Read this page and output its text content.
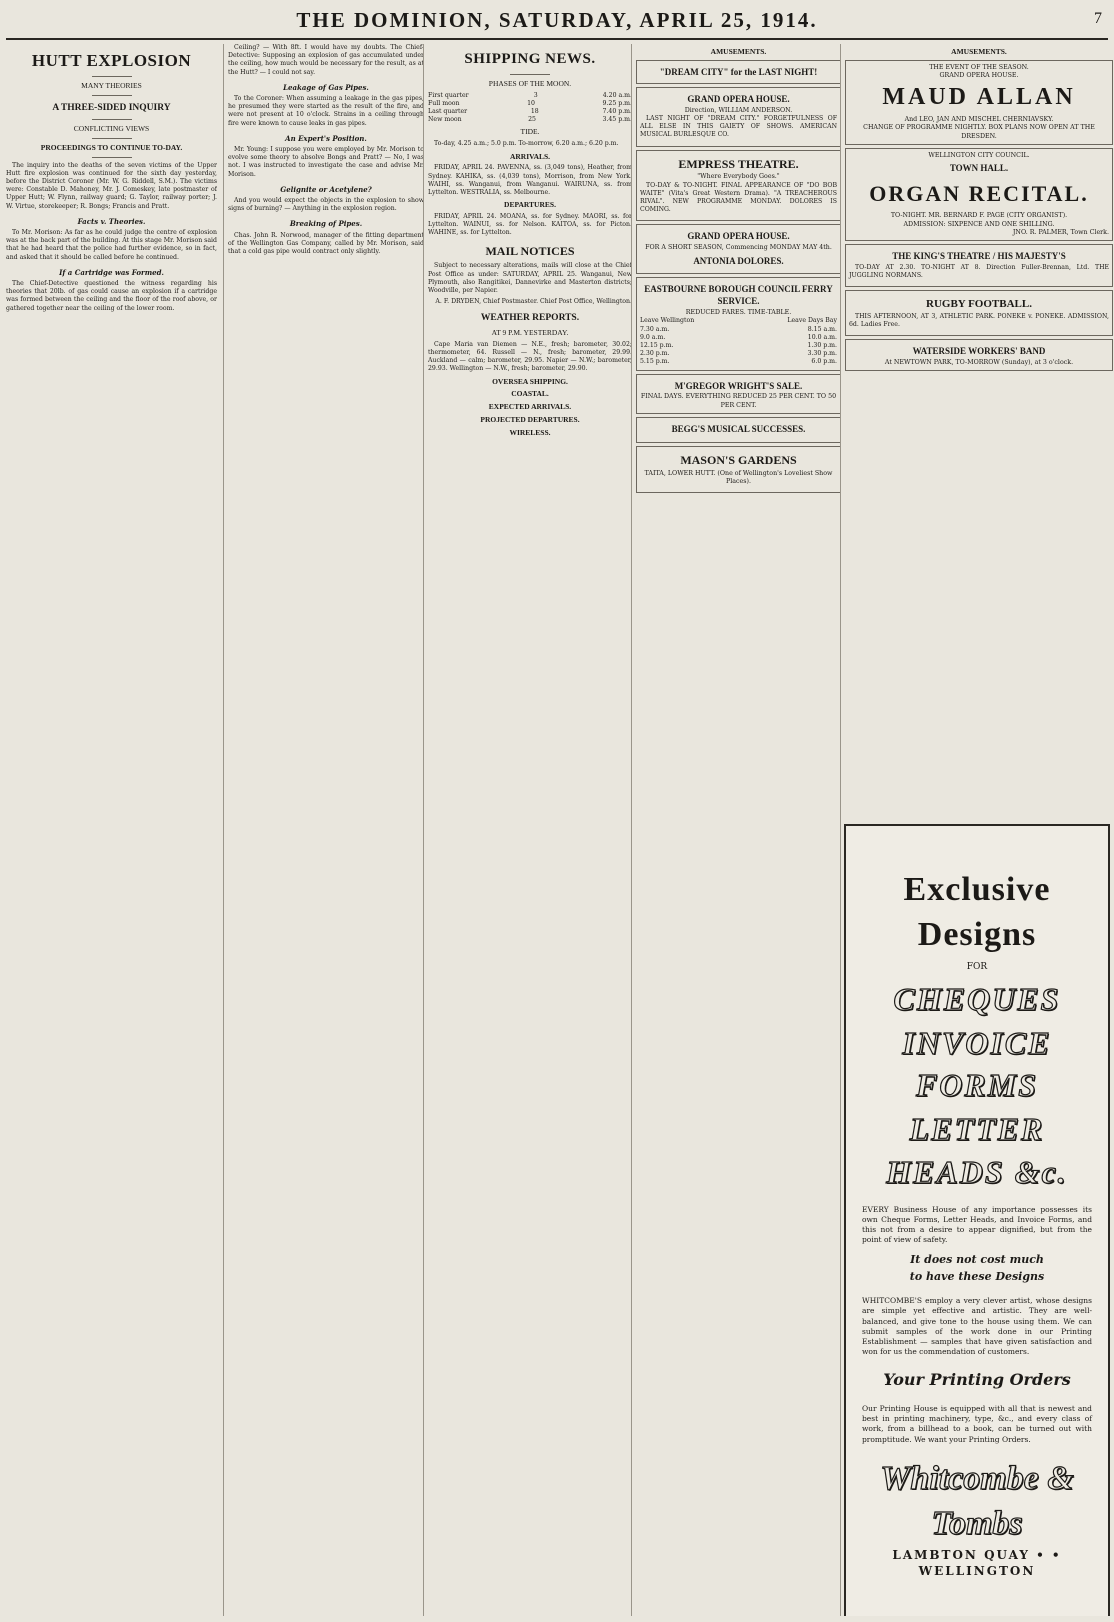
THE DOMINION, SATURDAY, APRIL 25, 1914.	7
HUTT EXPLOSION
MANY THEORIES
A THREE-SIDED INQUIRY
CONFLICTING VIEWS
PROCEEDINGS TO CONTINUE TO-DAY.

The inquiry into the deaths of the seven victims of the Upper Hutt fire explosion was continued for the sixth day yesterday, before the District Coroner (Mr. W. G. Riddell, S.M.). The victims were: Constable D. Mahoney, Mr. J. Comeskey, late postmaster of Upper Hutt; W. Flynn, railway guard; G. Taylor, railway porter; J. W. Virtue, storekeeper; R. Bongs; Francis and Pratt.

Facts v. Theories.

To Mr. Morison: As far as he could judge the centre of explosion was at the back part of the building. At this stage Mr. Morison said that he had heard that the police had further evidence, so in fact, and asked that it should be called before he continued.

If a Cartridge was Formed.

The Chief-Detective questioned the witness regarding his theories that 20lb. of gas could cause an explosion if a cartridge was formed between the ceiling and the floor of the roof above, or gathered together near the ceiling of the lower room.

Ceiling? — With 8ft. I would have my doubts. The Chief-Detective: Supposing an explosion of gas accumulated under the ceiling, how much would be necessary for the result, as at the Hutt? — I could not say.

Leakage of Gas Pipes.

To the Coroner: When assuming a leakage in the gas pipes, he presumed they were started as the result of the fire, and were not present at 10 o'clock. Strains in a ceiling through fire were known to cause leaks in gas pipes.

An Expert's Position.

Mr. Young: I suppose you were employed by Mr. Morison to evolve some theory to absolve Bongs and Pratt? — No, I was not. I was instructed to investigate the case and advise Mr. Morison.

Gelignite or Acetylene?

And you would expect the objects in the explosion to show signs of burning? — Anything in the explosion region.

Breaking of Pipes.

Chas. John R. Norwood, manager of the fitting department of the Wellington Gas Company, called by Mr. Morison, said that a cold gas pipe would contract only slightly.

SHIPPING NEWS.
PHASES OF THE MOON.
First quarter	3	4.20 a.m.
Full moon	10	9.25 p.m.
Last quarter	18	7.40 p.m.
New moon	25	3.45 p.m.
TIDE.

To-day, 4.25 a.m.; 5.0 p.m. To-morrow, 6.20 a.m.; 6.20 p.m.

ARRIVALS.

FRIDAY, APRIL 24. PAVENNA, ss. (3,049 tons), Heather, from Sydney. KAHIKA, ss. (4,039 tons), Morrison, from New York. WAIHI, ss. Wanganui, from Wanganui. WAIRUNA, ss. from Lyttelton. WESTRALIA, ss. Melbourne.

DEPARTURES.

FRIDAY, APRIL 24. MOANA, ss. for Sydney. MAORI, ss. for Lyttelton. WAINUI, ss. for Nelson. KAITOA, ss. for Picton. WAHINE, ss. for Lyttelton.

MAIL NOTICES

Subject to necessary alterations, mails will close at the Chief Post Office as under: SATURDAY, APRIL 25. Wanganui, New Plymouth, also Rangitikei, Dannevirke and Masterton districts; Woodville, per Napier.

A. F. DRYDEN, Chief Postmaster. Chief Post Office, Wellington.

WEATHER REPORTS.
AT 9 P.M. YESTERDAY.

Cape Maria van Diemen — N.E., fresh; barometer, 30.02; thermometer, 64. Russell — N., fresh; barometer, 29.99. Auckland — calm; barometer, 29.95. Napier — N.W.; barometer, 29.93. Wellington — N.W., fresh; barometer, 29.90.

OVERSEA SHIPPING.
COASTAL.
EXPECTED ARRIVALS.
PROJECTED DEPARTURES.
WIRELESS.

AMUSEMENTS.
"DREAM CITY" for the LAST NIGHT!
GRAND OPERA HOUSE.
Direction, WILLIAM ANDERSON.

LAST NIGHT OF "DREAM CITY." FORGETFULNESS OF ALL ELSE IN THIS GAIETY OF SHOWS. AMERICAN MUSICAL BURLESQUE CO.

EMPRESS THEATRE.
"Where Everybody Goes."

TO-DAY & TO-NIGHT. FINAL APPEARANCE OF "DO BOB WAITE" (Vita's Great Western Drama). "A TREACHEROUS RIVAL". NEW PROGRAMME MONDAY. DOLORES IS COMING.

GRAND OPERA HOUSE.
FOR A SHORT SEASON, Commencing MONDAY MAY 4th.
ANTONIA DOLORES.

EASTBOURNE BOROUGH COUNCIL FERRY SERVICE.
REDUCED FARES. TIME-TABLE.
Leave Wellington	Leave Days Bay
7.30 a.m.	8.15 a.m.
9.0 a.m.	10.0 a.m.
12.15 p.m.	1.30 p.m.
2.30 p.m.	3.30 p.m.
5.15 p.m.	6.0 p.m.
M'GREGOR WRIGHT'S SALE.
FINAL DAYS. EVERYTHING REDUCED 25 PER CENT. TO 50 PER CENT.
BEGG'S MUSICAL SUCCESSES.

MASON'S GARDENS
TAITA, LOWER HUTT. (One of Wellington's Loveliest Show Places).

AMUSEMENTS.
THE EVENT OF THE SEASON.
GRAND OPERA HOUSE.
MAUD ALLAN
And LEO, JAN AND MISCHEL CHERNIAVSKY.
CHANGE OF PROGRAMME NIGHTLY. BOX PLANS NOW OPEN AT THE DRESDEN.
WELLINGTON CITY COUNCIL.
TOWN HALL.
ORGAN RECITAL.
TO-NIGHT. MR. BERNARD F. PAGE (CITY ORGANIST).
ADMISSION: SIXPENCE AND ONE SHILLING.
JNO. R. PALMER, Town Clerk.
THE KING'S THEATRE / HIS MAJESTY'S

TO-DAY AT 2.30. TO-NIGHT AT 8. Direction Fuller-Brennan, Ltd. THE JUGGLING NORMANS.

RUGBY FOOTBALL.

THIS AFTERNOON, AT 3, ATHLETIC PARK. PONEKE v. PONEKE. ADMISSION, 6d. Ladies Free.

WATERSIDE WORKERS' BAND
At NEWTOWN PARK, TO-MORROW (Sunday), at 3 o'clock.
Exclusive Designs
FOR
CHEQUES
INVOICE FORMS
LETTER HEADS &c.
EVERY Business House of any importance possesses its own Cheque Forms, Letter Heads, and Invoice Forms, and this not from a desire to appear dignified, but from the point of view of safety.
It does not cost much
to have these Designs
WHITCOMBE'S employ a very clever artist, whose designs are simple yet effective and artistic. They are well-balanced, and give tone to the house using them. We can submit samples of the work done in our Printing Establishment — samples that have given satisfaction and won for us the commendation of customers.
Your Printing Orders
Our Printing House is equipped with all that is newest and best in printing machinery, type, &c., and every class of work, from a billhead to a book, can be turned out with promptitude. We want your Printing Orders.
Whitcombe & Tombs
LAMBTON QUAY • • WELLINGTON
